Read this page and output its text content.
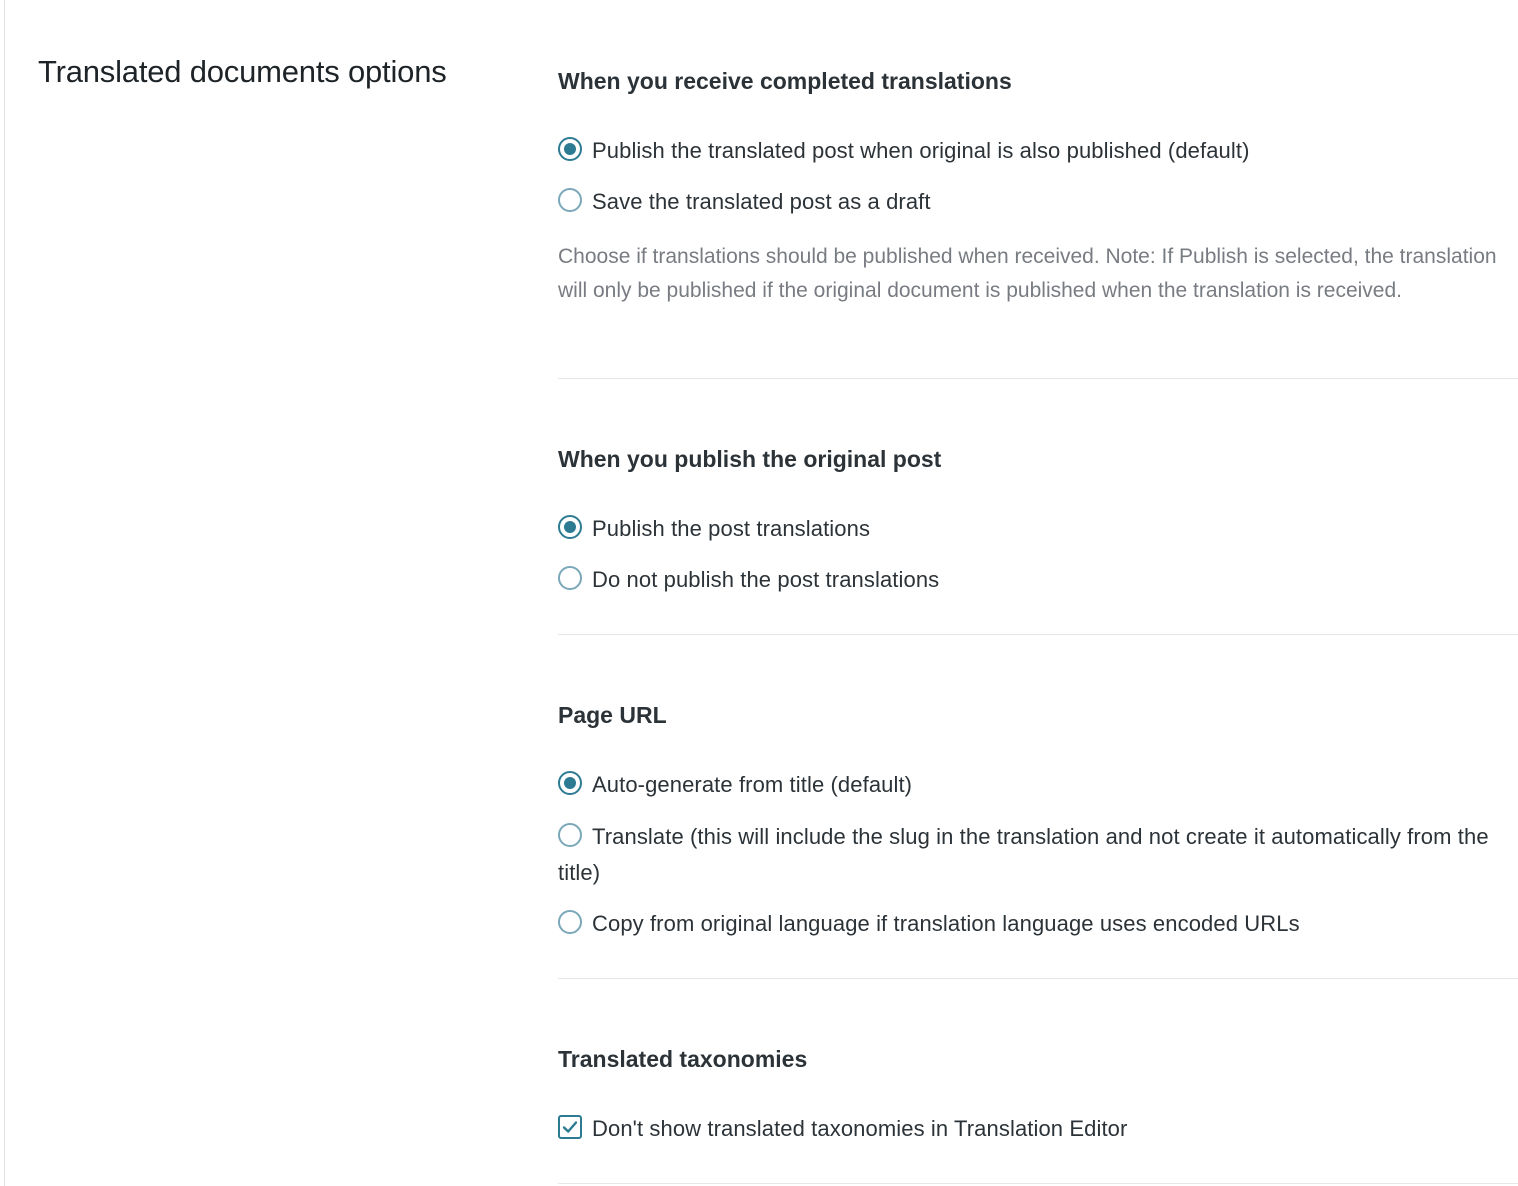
Translated documents options	When you receive completed translations
Publish the translated post when original is also published (default)
Save the translated post as a draft

Choose if translations should be published when received. Note: If Publish is selected, the translation will only be published if the original document is published when the translation is received.

When you publish the original post
Publish the post translations
Do not publish the post translations
Page URL
Auto-generate from title (default)
Translate (this will include the slug in the translation and not create it automatically from the title)
Copy from original language if translation language uses encoded URLs
Translated taxonomies
Don't show translated taxonomies in Translation Editor
